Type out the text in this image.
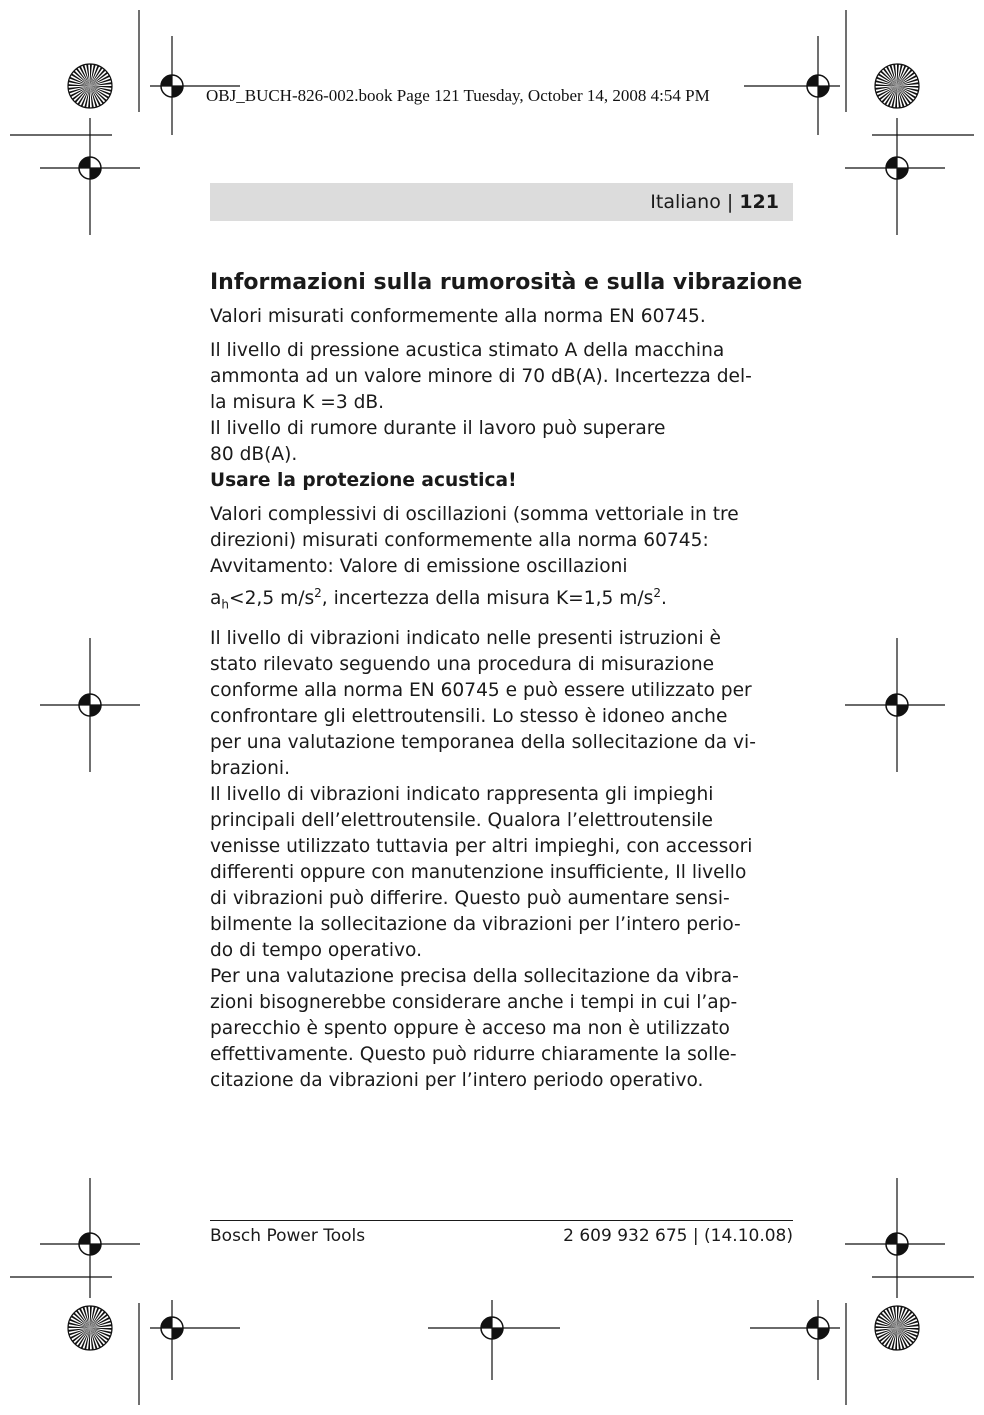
OBJ_BUCH-826-002.book Page 121 Tuesday, October 14, 2008 4:54 PM
Italiano | 121
Informazioni sulla rumorosità e sulla vibrazione

Valori misurati conformemente alla norma EN 60745.

Il livello di pressione acustica stimato A della macchina
ammonta ad un valore minore di 70 dB(A). Incertezza del-
la misura K =3 dB.
Il livello di rumore durante il lavoro può superare
80 dB(A).

Usare la protezione acustica!

Valori complessivi di oscillazioni (somma vettoriale in tre
direzioni) misurati conformemente alla norma 60745:
Avvitamento: Valore di emissione oscillazioni
$a_h<2,5$ $m/s^2$, incertezza della misura K=1,5 $m/s^2$.

Il livello di vibrazioni indicato nelle presenti istruzioni è
stato rilevato seguendo una procedura di misurazione
conforme alla norma EN 60745 e può essere utilizzato per
confrontare gli elettroutensili. Lo stesso è idoneo anche
per una valutazione temporanea della sollecitazione da vi-
brazioni.
Il livello di vibrazioni indicato rappresenta gli impieghi
principali dell’elettroutensile. Qualora l’elettroutensile
venisse utilizzato tuttavia per altri impieghi, con accessori
differenti oppure con manutenzione insufficiente, Il livello
di vibrazioni può differire. Questo può aumentare sensi-
bilmente la sollecitazione da vibrazioni per l’intero perio-
do di tempo operativo.
Per una valutazione precisa della sollecitazione da vibra-
zioni bisognerebbe considerare anche i tempi in cui l’ap-
parecchio è spento oppure è acceso ma non è utilizzato
effettivamente. Questo può ridurre chiaramente la solle-
citazione da vibrazioni per l’intero periodo operativo.

Bosch Power Tools	2 609 932 675 | (14.10.08)
